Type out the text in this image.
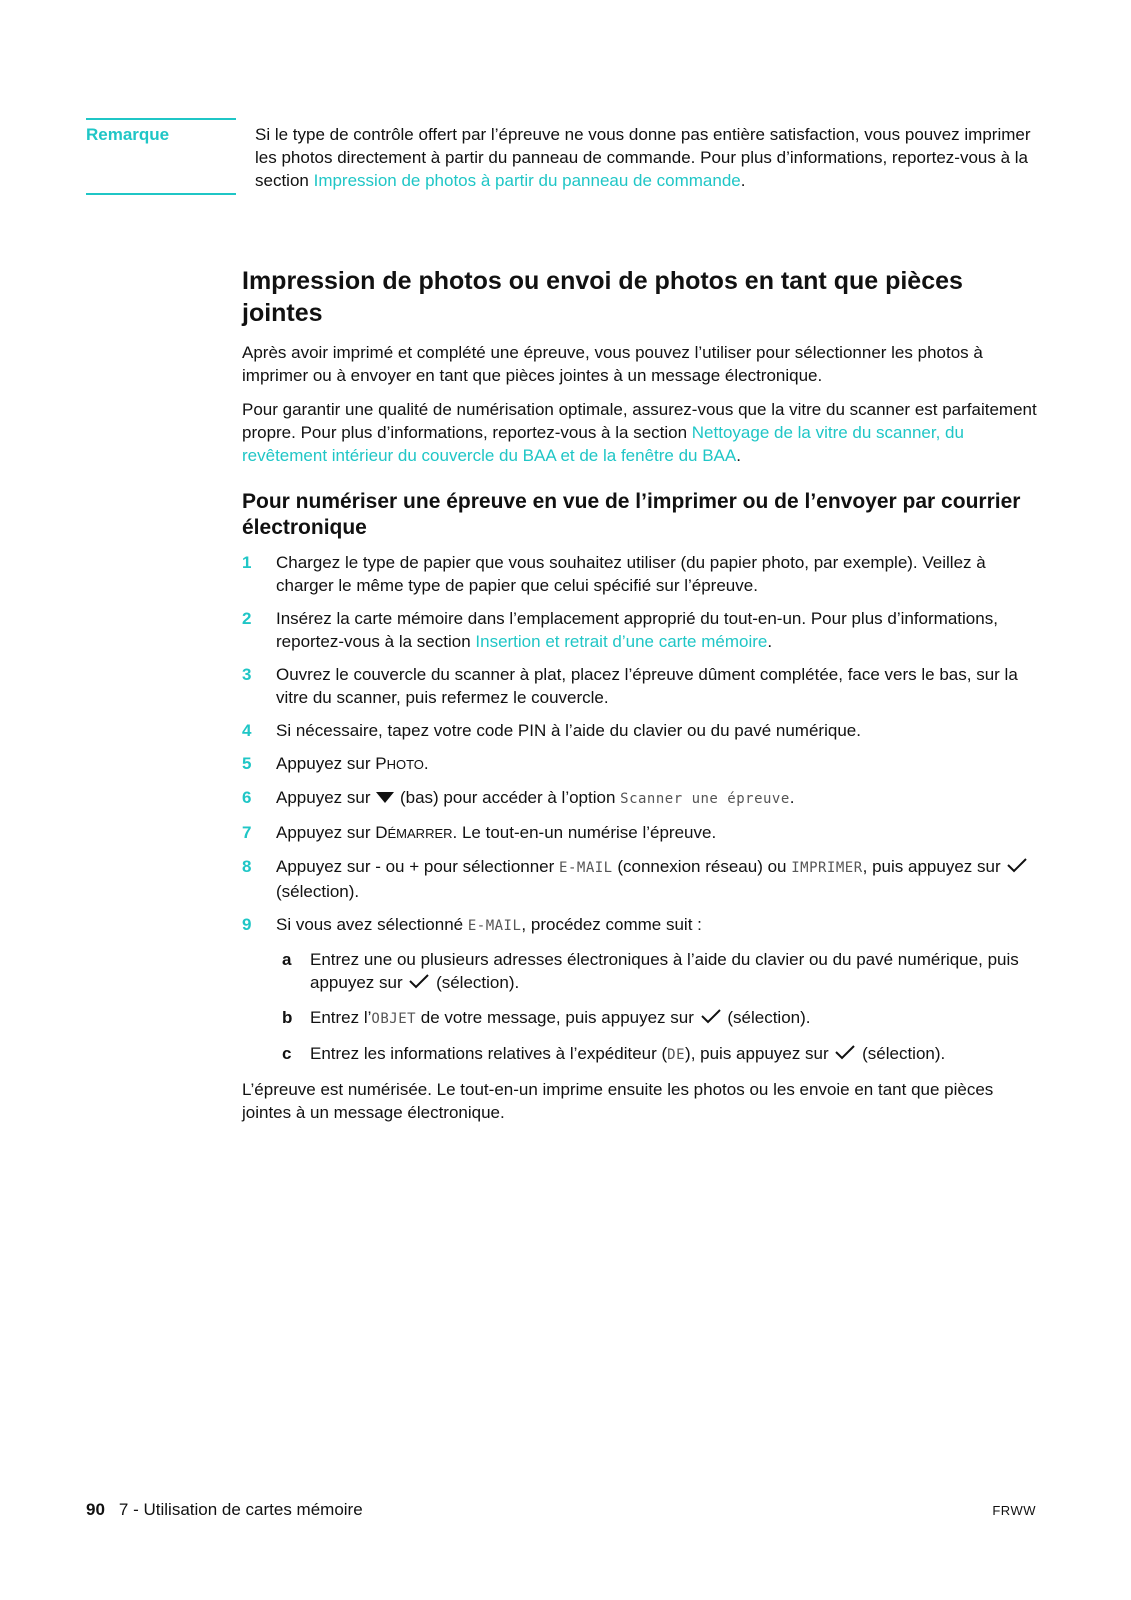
Remarque	Si le type de contrôle offert par l’épreuve ne vous donne pas entière satisfaction, vous pouvez imprimer les photos directement à partir du panneau de commande. Pour plus d’informations, reportez-vous à la section Impression de photos à partir du panneau de commande.
Impression de photos ou envoi de photos en tant que pièces jointes

Après avoir imprimé et complété une épreuve, vous pouvez l’utiliser pour sélectionner les photos à imprimer ou à envoyer en tant que pièces jointes à un message électronique.

Pour garantir une qualité de numérisation optimale, assurez-vous que la vitre du scanner est parfaitement propre. Pour plus d’informations, reportez-vous à la section Nettoyage de la vitre du scanner, du revêtement intérieur du couvercle du BAA et de la fenêtre du BAA.

Pour numériser une épreuve en vue de l’imprimer ou de l’envoyer par courrier électronique
1 Chargez le type de papier que vous souhaitez utiliser (du papier photo, par exemple). Veillez à charger le même type de papier que celui spécifié sur l’épreuve.
2 Insérez la carte mémoire dans l’emplacement approprié du tout-en-un. Pour plus d’informations, reportez-vous à la section Insertion et retrait d’une carte mémoire.
3 Ouvrez le couvercle du scanner à plat, placez l’épreuve dûment complétée, face vers le bas, sur la vitre du scanner, puis refermez le couvercle.
4 Si nécessaire, tapez votre code PIN à l’aide du clavier ou du pavé numérique.
5 Appuyez sur PHOTO.
6 Appuyez sur  (bas) pour accéder à l’option Scanner une épreuve.
7 Appuyez sur DÉMARRER. Le tout-en-un numérise l’épreuve.
8 Appuyez sur - ou + pour sélectionner E-MAIL (connexion réseau) ou IMPRIMER, puis appuyez sur  (sélection).
9 Si vous avez sélectionné E-MAIL, procédez comme suit :
a Entrez une ou plusieurs adresses électroniques à l’aide du clavier ou du pavé numérique, puis appuyez sur  (sélection).
b Entrez l’OBJET de votre message, puis appuyez sur  (sélection).
c Entrez les informations relatives à l’expéditeur (DE), puis appuyez sur  (sélection).

L’épreuve est numérisée. Le tout-en-un imprime ensuite les photos ou les envoie en tant que pièces jointes à un message électronique.

90 7 - Utilisation de cartes mémoire	FRWW
